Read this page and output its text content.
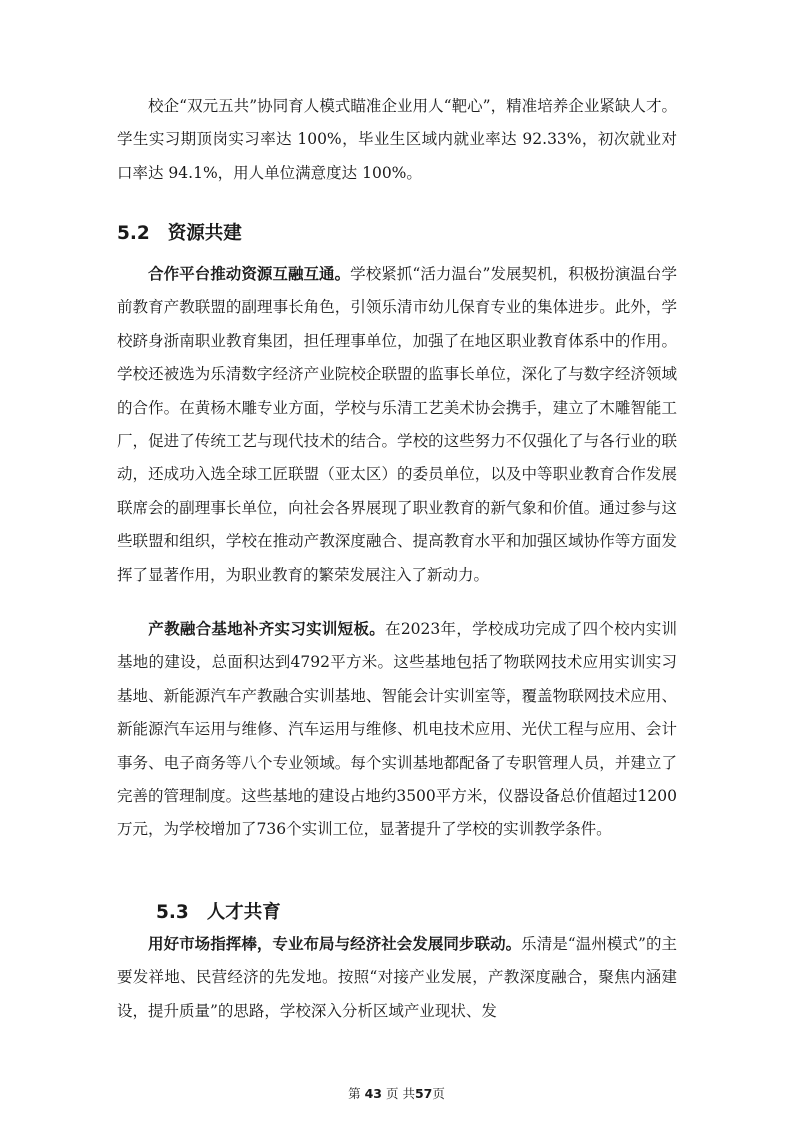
校企“双元五共”协同育人模式瞄准企业用人“靶心”，精准培养企业紧缺人才。学生实习期顶岗实习率达 100%，毕业生区域内就业率达 92.33%，初次就业对口率达 94.1%，用人单位满意度达 100%。

5.2 资源共建

合作平台推动资源互融互通。学校紧抓“活力温台”发展契机，积极扮演温台学前教育产教联盟的副理事长角色，引领乐清市幼儿保育专业的集体进步。此外，学校跻身浙南职业教育集团，担任理事单位，加强了在地区职业教育体系中的作用。学校还被选为乐清数字经济产业院校企联盟的监事长单位，深化了与数字经济领域的合作。在黄杨木雕专业方面，学校与乐清工艺美术协会携手，建立了木雕智能工厂，促进了传统工艺与现代技术的结合。学校的这些努力不仅强化了与各行业的联动，还成功入选全球工匠联盟（亚太区）的委员单位，以及中等职业教育合作发展联席会的副理事长单位，向社会各界展现了职业教育的新气象和价值。通过参与这些联盟和组织，学校在推动产教深度融合、提高教育水平和加强区域协作等方面发挥了显著作用，为职业教育的繁荣发展注入了新动力。

产教融合基地补齐实习实训短板。在2023年，学校成功完成了四个校内实训基地的建设，总面积达到4792平方米。这些基地包括了物联网技术应用实训实习基地、新能源汽车产教融合实训基地、智能会计实训室等，覆盖物联网技术应用、新能源汽车运用与维修、汽车运用与维修、机电技术应用、光伏工程与应用、会计事务、电子商务等八个专业领域。每个实训基地都配备了专职管理人员，并建立了完善的管理制度。这些基地的建设占地约3500平方米，仪器设备总价值超过1200万元，为学校增加了736个实训工位，显著提升了学校的实训教学条件。

5.3 人才共育

用好市场指挥棒，专业布局与经济社会发展同步联动。乐清是“温州模式”的主要发祥地、民营经济的先发地。按照“对接产业发展，产教深度融合，聚焦内涵建设，提升质量”的思路，学校深入分析区域产业现状、发

第 43 页 共57页
